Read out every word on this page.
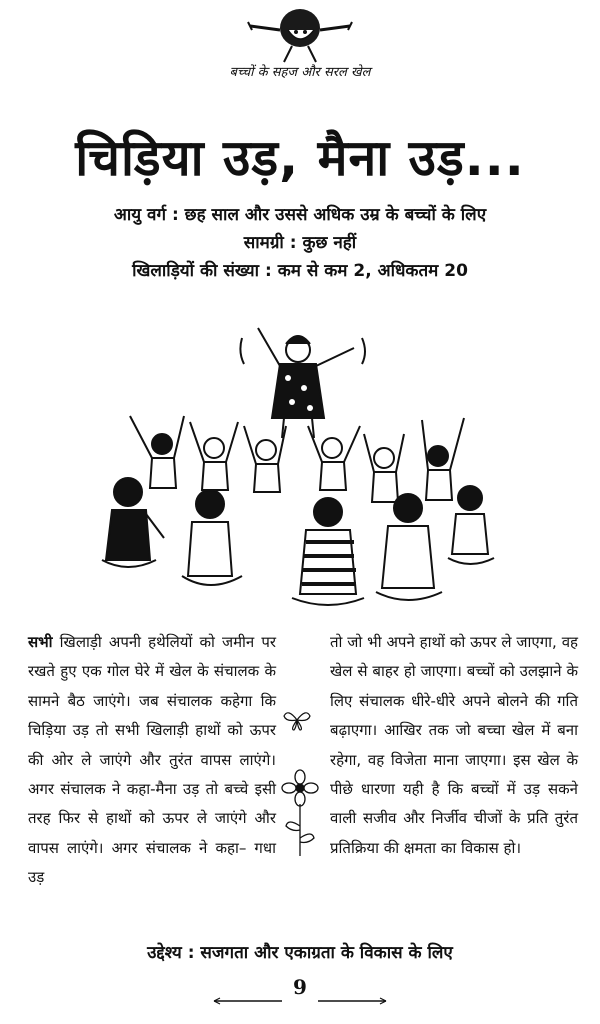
बच्चों के सहज और सरल खेल
चिड़िया उड़, मैना उड़...
आयु वर्ग : छह साल और उससे अधिक उम्र के बच्चों के लिए
सामग्री : कुछ नहीं
खिलाड़ियों की संख्या : कम से कम 2, अधिकतम 20
सभी खिलाड़ी अपनी हथेलियों को जमीन पर रखते हुए एक गोल घेरे में खेल के संचालक के सामने बैठ जाएंगे। जब संचालक कहेगा कि चिड़िया उड़ तो सभी खिलाड़ी हाथों को ऊपर की ओर ले जाएंगे और तुरंत वापस लाएंगे। अगर संचालक ने कहा-मैना उड़ तो बच्चे इसी तरह फिर से हाथों को ऊपर ले जाएंगे और वापस लाएंगे। अगर संचालक ने कहा– गधा उड़
तो जो भी अपने हाथों को ऊपर ले जाएगा, वह खेल से बाहर हो जाएगा। बच्चों को उलझाने के लिए संचालक धीरे-धीरे अपने बोलने की गति बढ़ाएगा। आखिर तक जो बच्चा खेल में बना रहेगा, वह विजेता माना जाएगा। इस खेल के पीछे धारणा यही है कि बच्चों में उड़ सकने वाली सजीव और निर्जीव चीजों के प्रति तुरंत प्रतिक्रिया की क्षमता का विकास हो।
उद्देश्य : सजगता और एकाग्रता के विकास के लिए
9
